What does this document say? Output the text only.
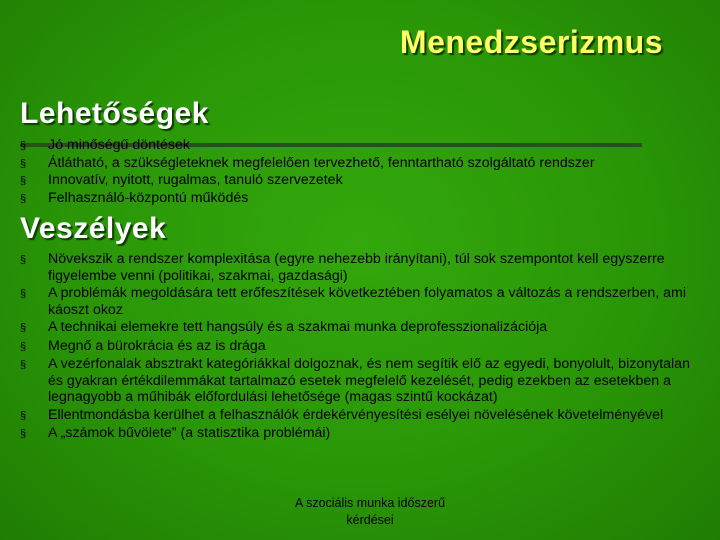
Menedzserizmus
Lehetőségek
§	Jó minőségű döntések
§	Átlátható, a szükségleteknek megfelelően tervezhető, fenntartható szolgáltató rendszer
§	Innovatív, nyitott, rugalmas, tanuló szervezetek
§	Felhasználó-központú működés
Veszélyek
§	Növekszik a rendszer komplexitása (egyre nehezebb irányítani), túl sok szempontot kell egyszerre figyelembe venni (politikai, szakmai, gazdasági)
§	A problémák megoldására tett erőfeszítések következtében folyamatos a változás a rendszerben, ami káoszt okoz
§	A technikai elemekre tett hangsúly és a szakmai munka deprofesszionalizációja
§	Megnő a bürokrácia és az is drága
§	A vezérfonalak absztrakt kategóriákkal dolgoznak, és nem segítik elő az egyedi, bonyolult, bizonytalan és gyakran értékdilemmákat tartalmazó esetek megfelelő kezelését, pedig ezekben az esetekben a legnagyobb a műhibák előfordulási lehetősége (magas szintű kockázat)
§	Ellentmondásba kerülhet a felhasználók érdekérvényesítési esélyei növelésének követelményével
§	A „számok bűvölete” (a statisztika problémái)
A szociális munka időszerű
kérdései
